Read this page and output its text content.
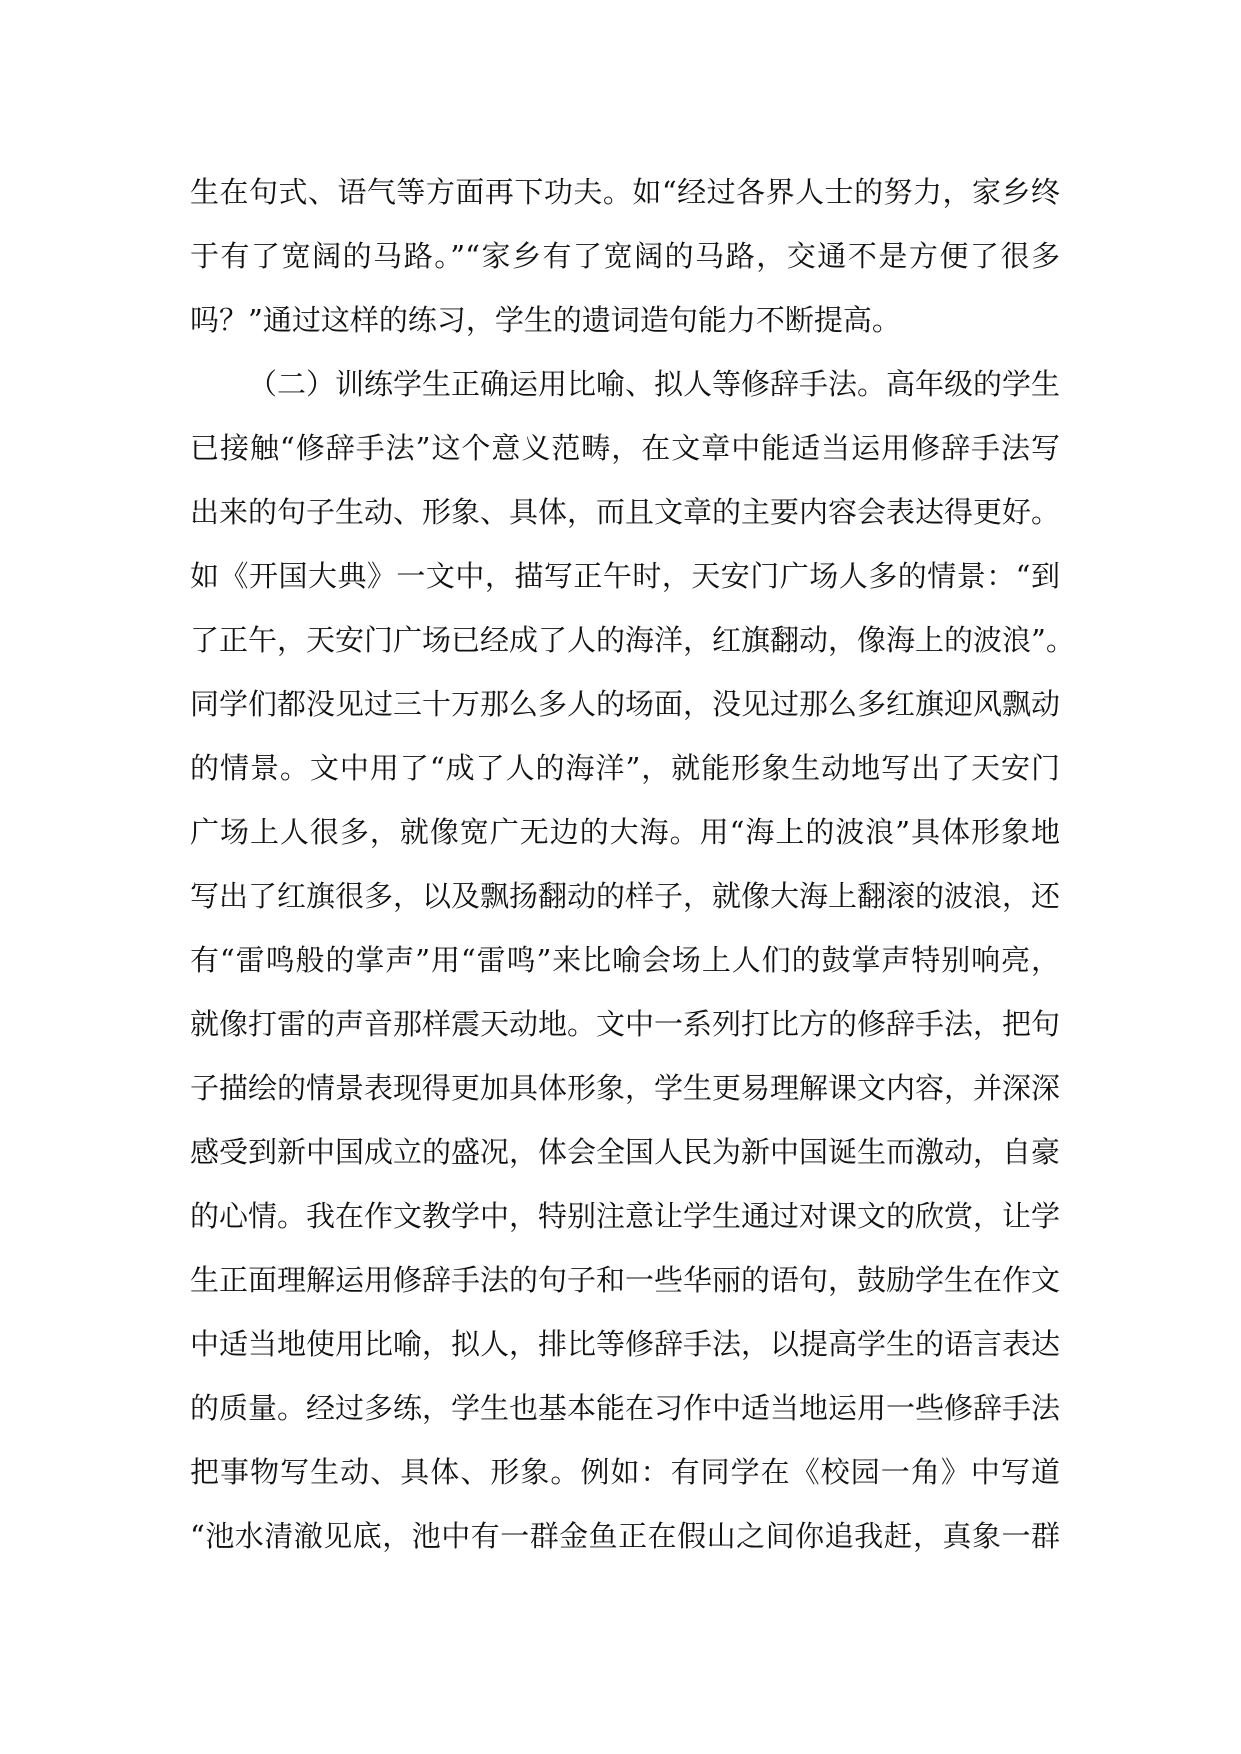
生在句式、语气等方面再下功夫。如“经过各界人士的努力，家乡终
于有了宽阔的马路。”“家乡有了宽阔的马路，交通不是方便了很多
吗？”通过这样的练习，学生的遗词造句能力不断提高。
（二）训练学生正确运用比喻、拟人等修辞手法。高年级的学生
已接触“修辞手法”这个意义范畴，在文章中能适当运用修辞手法写
出来的句子生动、形象、具体，而且文章的主要内容会表达得更好。
如《开国大典》一文中，描写正午时，天安门广场人多的情景：“到
了正午，天安门广场已经成了人的海洋，红旗翻动，像海上的波浪”。
同学们都没见过三十万那么多人的场面，没见过那么多红旗迎风飘动
的情景。文中用了“成了人的海洋”，就能形象生动地写出了天安门
广场上人很多，就像宽广无边的大海。用“海上的波浪”具体形象地
写出了红旗很多，以及飘扬翻动的样子，就像大海上翻滚的波浪，还
有“雷鸣般的掌声”用“雷鸣”来比喻会场上人们的鼓掌声特别响亮，
就像打雷的声音那样震天动地。文中一系列打比方的修辞手法，把句
子描绘的情景表现得更加具体形象，学生更易理解课文内容，并深深
感受到新中国成立的盛况，体会全国人民为新中国诞生而激动，自豪
的心情。我在作文教学中，特别注意让学生通过对课文的欣赏，让学
生正面理解运用修辞手法的句子和一些华丽的语句，鼓励学生在作文
中适当地使用比喻，拟人，排比等修辞手法，以提高学生的语言表达
的质量。经过多练，学生也基本能在习作中适当地运用一些修辞手法
把事物写生动、具体、形象。例如：有同学在《校园一角》中写道
“池水清澈见底，池中有一群金鱼正在假山之间你追我赶，真象一群
